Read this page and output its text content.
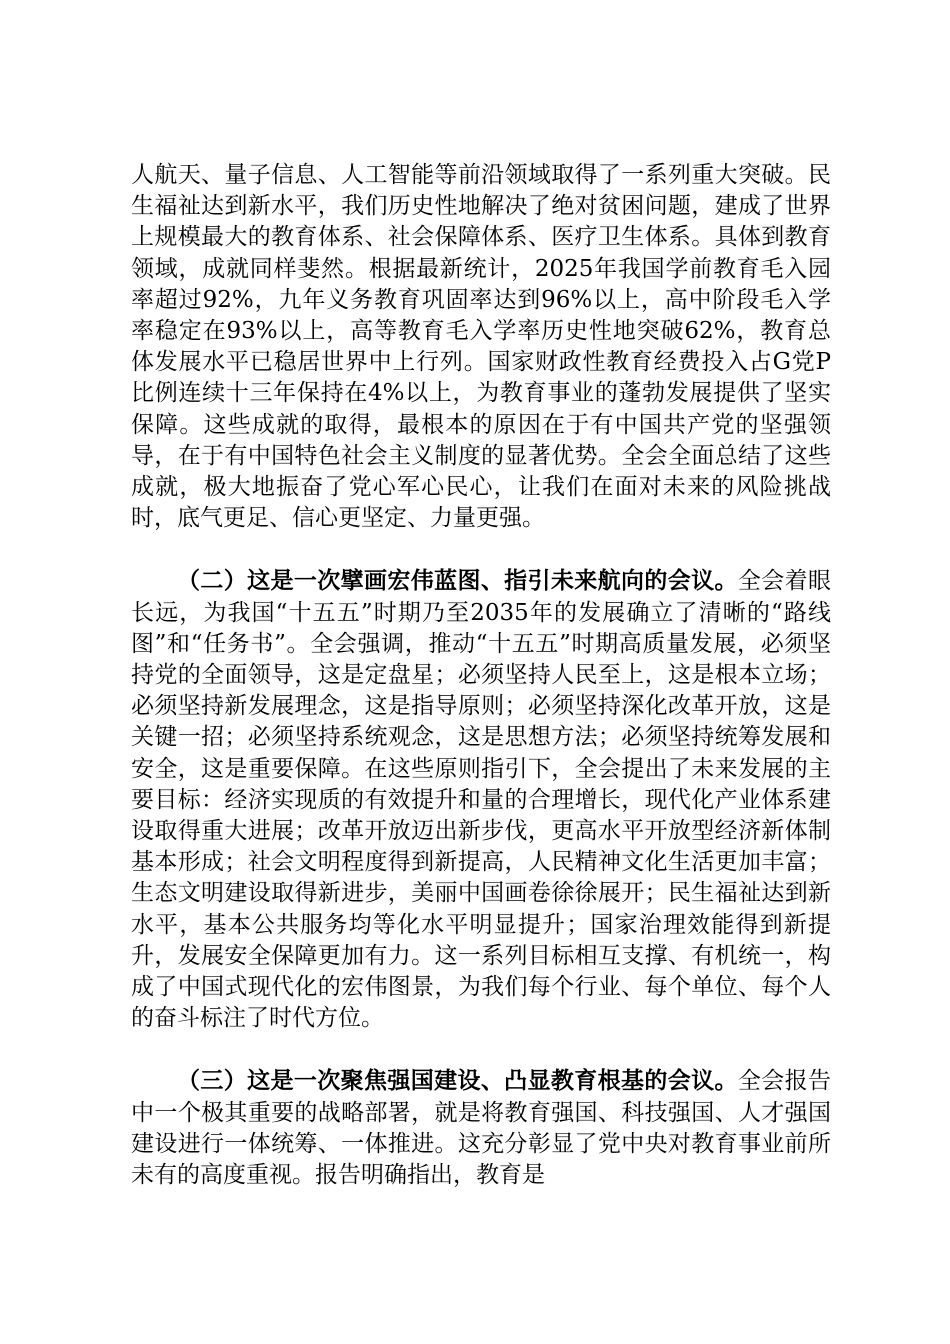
人航天、量子信息、人工智能等前沿领域取得了一系列重大突破。民生福祉达到新水平，我们历史性地解决了绝对贫困问题，建成了世界上规模最大的教育体系、社会保障体系、医疗卫生体系。具体到教育领域，成就同样斐然。根据最新统计，2025年我国学前教育毛入园率超过92%，九年义务教育巩固率达到96%以上，高中阶段毛入学率稳定在93%以上，高等教育毛入学率历史性地突破62%，教育总体发展水平已稳居世界中上行列。国家财政性教育经费投入占G党P比例连续十三年保持在4%以上，为教育事业的蓬勃发展提供了坚实保障。这些成就的取得，最根本的原因在于有中国共产党的坚强领导，在于有中国特色社会主义制度的显著优势。全会全面总结了这些成就，极大地振奋了党心军心民心，让我们在面对未来的风险挑战时，底气更足、信心更坚定、力量更强。

（二）这是一次擘画宏伟蓝图、指引未来航向的会议。全会着眼长远，为我国“十五五”时期乃至2035年的发展确立了清晰的“路线图”和“任务书”。全会强调，推动“十五五”时期高质量发展，必须坚持党的全面领导，这是定盘星；必须坚持人民至上，这是根本立场；必须坚持新发展理念，这是指导原则；必须坚持深化改革开放，这是关键一招；必须坚持系统观念，这是思想方法；必须坚持统筹发展和安全，这是重要保障。在这些原则指引下，全会提出了未来发展的主要目标：经济实现质的有效提升和量的合理增长，现代化产业体系建设取得重大进展；改革开放迈出新步伐，更高水平开放型经济新体制基本形成；社会文明程度得到新提高，人民精神文化生活更加丰富；生态文明建设取得新进步，美丽中国画卷徐徐展开；民生福祉达到新水平，基本公共服务均等化水平明显提升；国家治理效能得到新提升，发展安全保障更加有力。这一系列目标相互支撑、有机统一，构成了中国式现代化的宏伟图景，为我们每个行业、每个单位、每个人的奋斗标注了时代方位。

（三）这是一次聚焦强国建设、凸显教育根基的会议。全会报告中一个极其重要的战略部署，就是将教育强国、科技强国、人才强国建设进行一体统筹、一体推进。这充分彰显了党中央对教育事业前所未有的高度重视。报告明确指出，教育是
